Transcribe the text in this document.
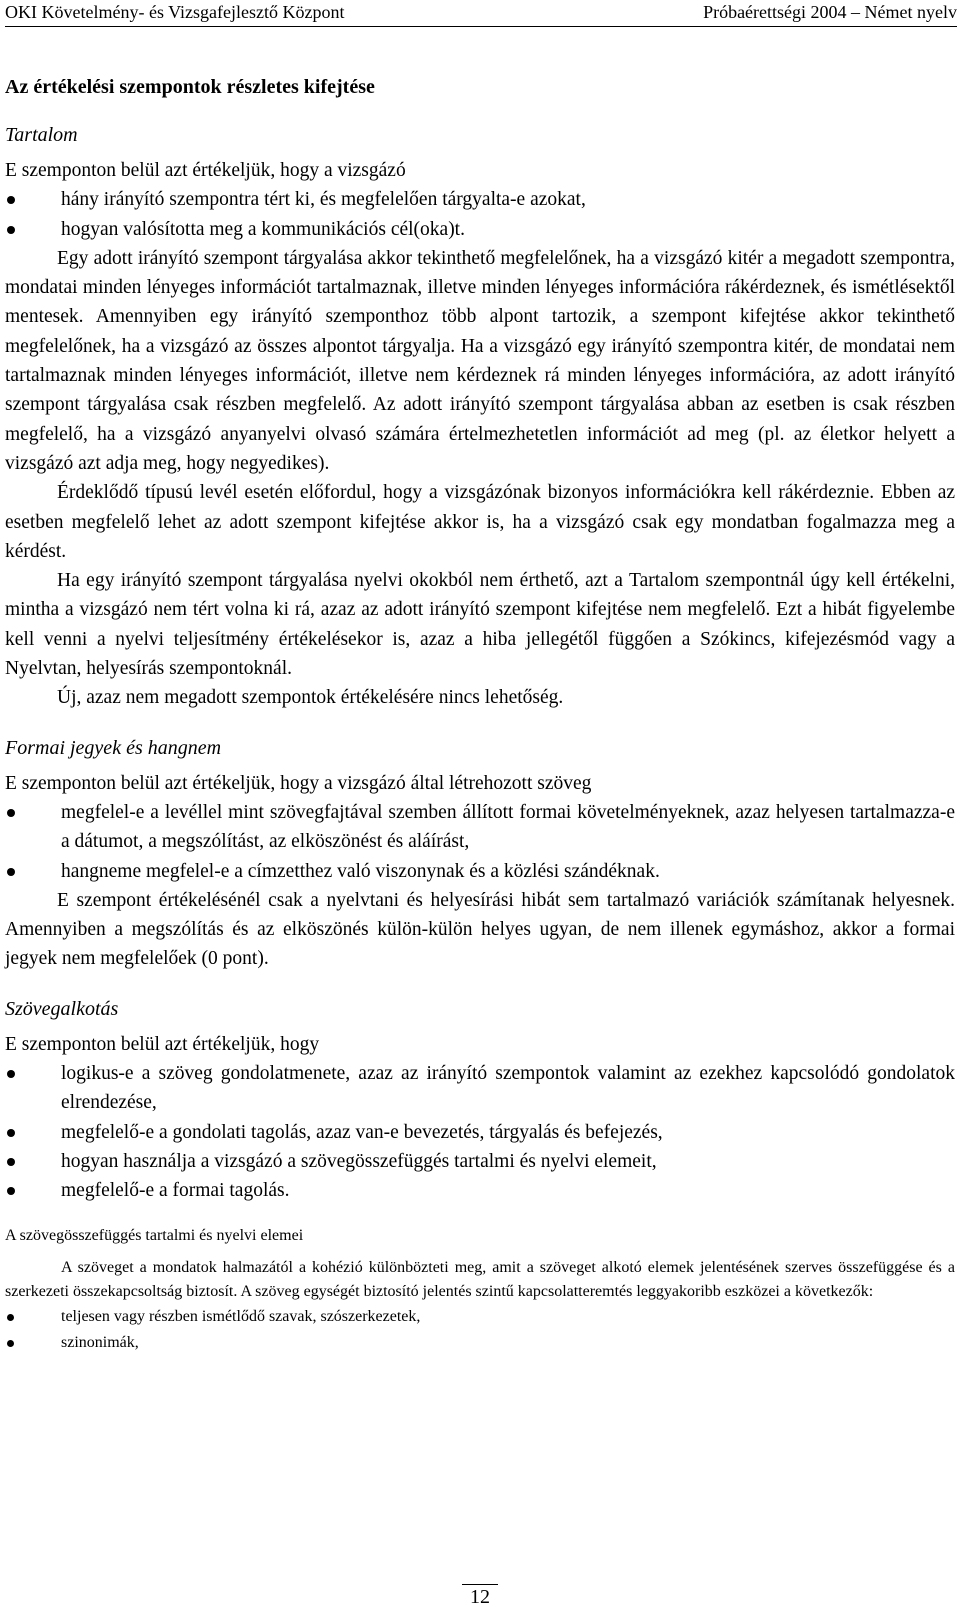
OKI Követelmény- és Vizsgafejlesztő Központ	Próbaérettségi 2004 – Német nyelv

Az értékelési szempontok részletes kifejtése

Tartalom

E szemponton belül azt értékeljük, hogy a vizsgázó

hány irányító szempontra tért ki, és megfelelően tárgyalta-e azokat,
hogyan valósította meg a kommunikációs cél(oka)t.

Egy adott irányító szempont tárgyalása akkor tekinthető megfelelőnek, ha a vizsgázó kitér a megadott szempontra, mondatai minden lényeges információt tartalmaznak, illetve minden lényeges információra rákérdeznek, és ismétlésektől mentesek. Amennyiben egy irányító szemponthoz több alpont tartozik, a szempont kifejtése akkor tekinthető megfelelőnek, ha a vizsgázó az összes alpontot tárgyalja. Ha a vizsgázó egy irányító szempontra kitér, de mondatai nem tartalmaznak minden lényeges információt, illetve nem kérdeznek rá minden lényeges információra, az adott irányító szempont tárgyalása csak részben megfelelő. Az adott irányító szempont tárgyalása abban az esetben is csak részben megfelelő, ha a vizsgázó anyanyelvi olvasó számára értelmezhetetlen információt ad meg (pl. az életkor helyett a vizsgázó azt adja meg, hogy negyedikes).

Érdeklődő típusú levél esetén előfordul, hogy a vizsgázónak bizonyos információkra kell rákérdeznie. Ebben az esetben megfelelő lehet az adott szempont kifejtése akkor is, ha a vizsgázó csak egy mondatban fogalmazza meg a kérdést.

Ha egy irányító szempont tárgyalása nyelvi okokból nem érthető, azt a Tartalom szempontnál úgy kell értékelni, mintha a vizsgázó nem tért volna ki rá, azaz az adott irányító szempont kifejtése nem megfelelő. Ezt a hibát figyelembe kell venni a nyelvi teljesítmény értékelésekor is, azaz a hiba jellegétől függően a Szókincs, kifejezésmód vagy a Nyelvtan, helyesírás szempontoknál.

Új, azaz nem megadott szempontok értékelésére nincs lehetőség.

Formai jegyek és hangnem

E szemponton belül azt értékeljük, hogy a vizsgázó által létrehozott szöveg

megfelel-e a levéllel mint szövegfajtával szemben állított formai követelményeknek, azaz helyesen tartalmazza-e a dátumot, a megszólítást, az elköszönést és aláírást,
hangneme megfelel-e a címzetthez való viszonynak és a közlési szándéknak.

E szempont értékelésénél csak a nyelvtani és helyesírási hibát sem tartalmazó variációk számítanak helyesnek. Amennyiben a megszólítás és az elköszönés külön-külön helyes ugyan, de nem illenek egymáshoz, akkor a formai jegyek nem megfelelőek (0 pont).

Szövegalkotás

E szemponton belül azt értékeljük, hogy

logikus-e a szöveg gondolatmenete, azaz az irányító szempontok valamint az ezekhez kapcsolódó gondolatok elrendezése,
megfelelő-e a gondolati tagolás, azaz van-e bevezetés, tárgyalás és befejezés,
hogyan használja a vizsgázó a szövegösszefüggés tartalmi és nyelvi elemeit,
megfelelő-e a formai tagolás.

A szövegösszefüggés tartalmi és nyelvi elemei

A szöveget a mondatok halmazától a kohézió különbözteti meg, amit a szöveget alkotó elemek jelentésének szerves összefüggése és a szerkezeti összekapcsoltság biztosít. A szöveg egységét biztosító jelentés szintű kapcsolatteremtés leggyakoribb eszközei a következők:

teljesen vagy részben ismétlődő szavak, szószerkezetek,
szinonimák,
12
